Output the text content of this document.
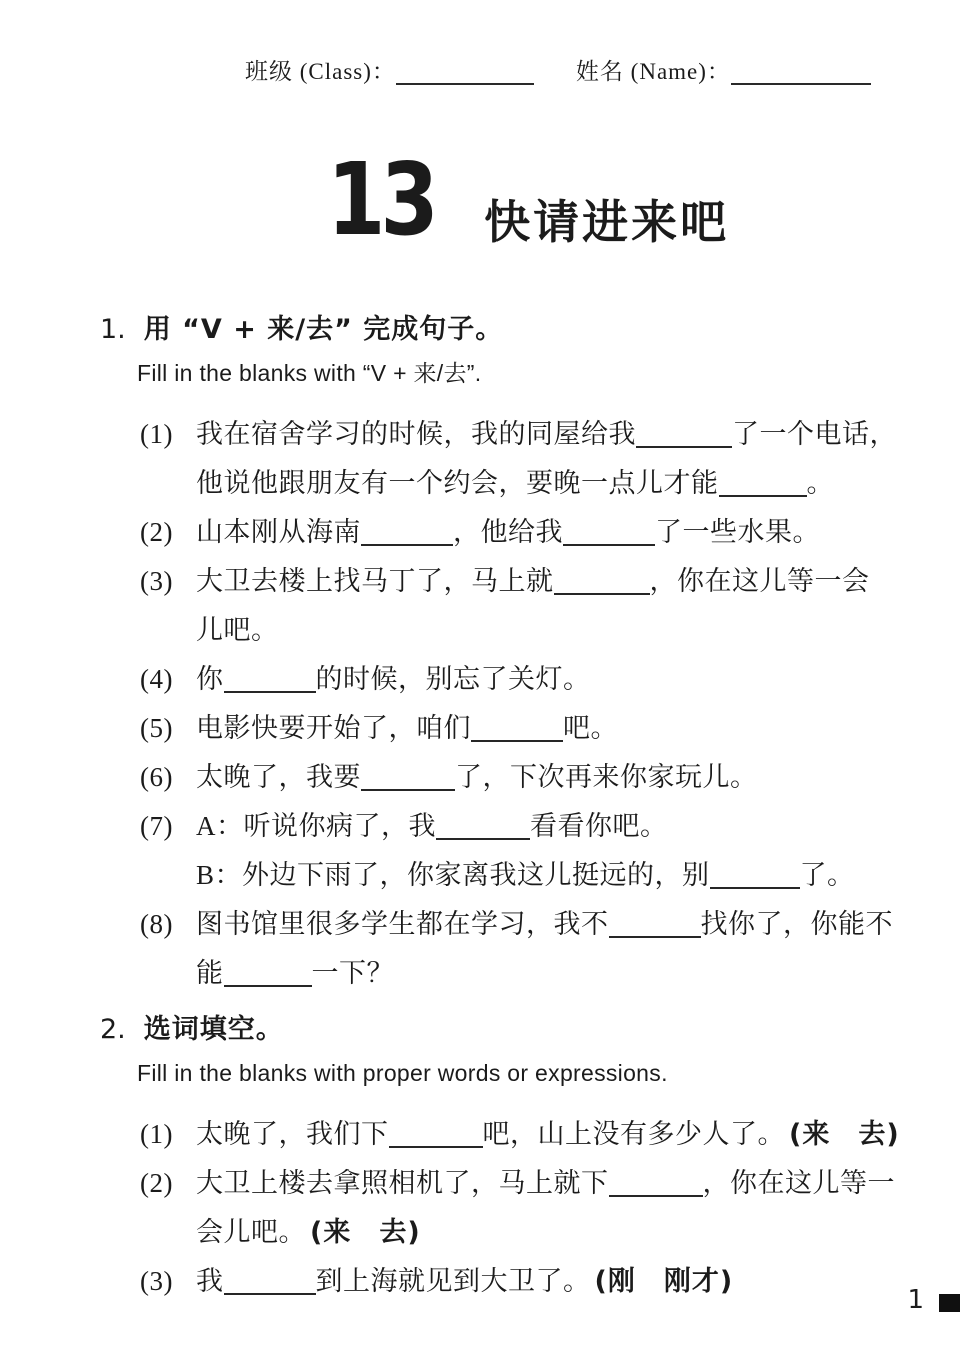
班级 (Class)：	姓名 (Name)：
13 快请进来吧
1. 用 “V + 来/去” 完成句子。
Fill in the blanks with “V + 来/去”.
(1) 我在宿舍学习的时候，我的同屋给我	了一个电话，
他说他跟朋友有一个约会，要晚一点儿才能	。
(2) 山本刚从海南	，他给我	了一些水果。
(3) 大卫去楼上找马丁了，马上就	，你在这儿等一会
儿吧。
(4) 你	的时候，别忘了关灯。
(5) 电影快要开始了，咱们	吧。
(6) 太晚了，我要	了，下次再来你家玩儿。
(7) A：听说你病了，我	看看你吧。
B：外边下雨了，你家离我这儿挺远的，别	了。
(8) 图书馆里很多学生都在学习，我不	找你了，你能不
能	一下？
2. 选词填空。
Fill in the blanks with proper words or expressions.
(1) 太晚了，我们下	吧，山上没有多少人了。 (来　去)
(2) 大卫上楼去拿照相机了，马上就下	，你在这儿等一
会儿吧。 (来　去)
(3) 我	到上海就见到大卫了。 (刚　刚才)
1
